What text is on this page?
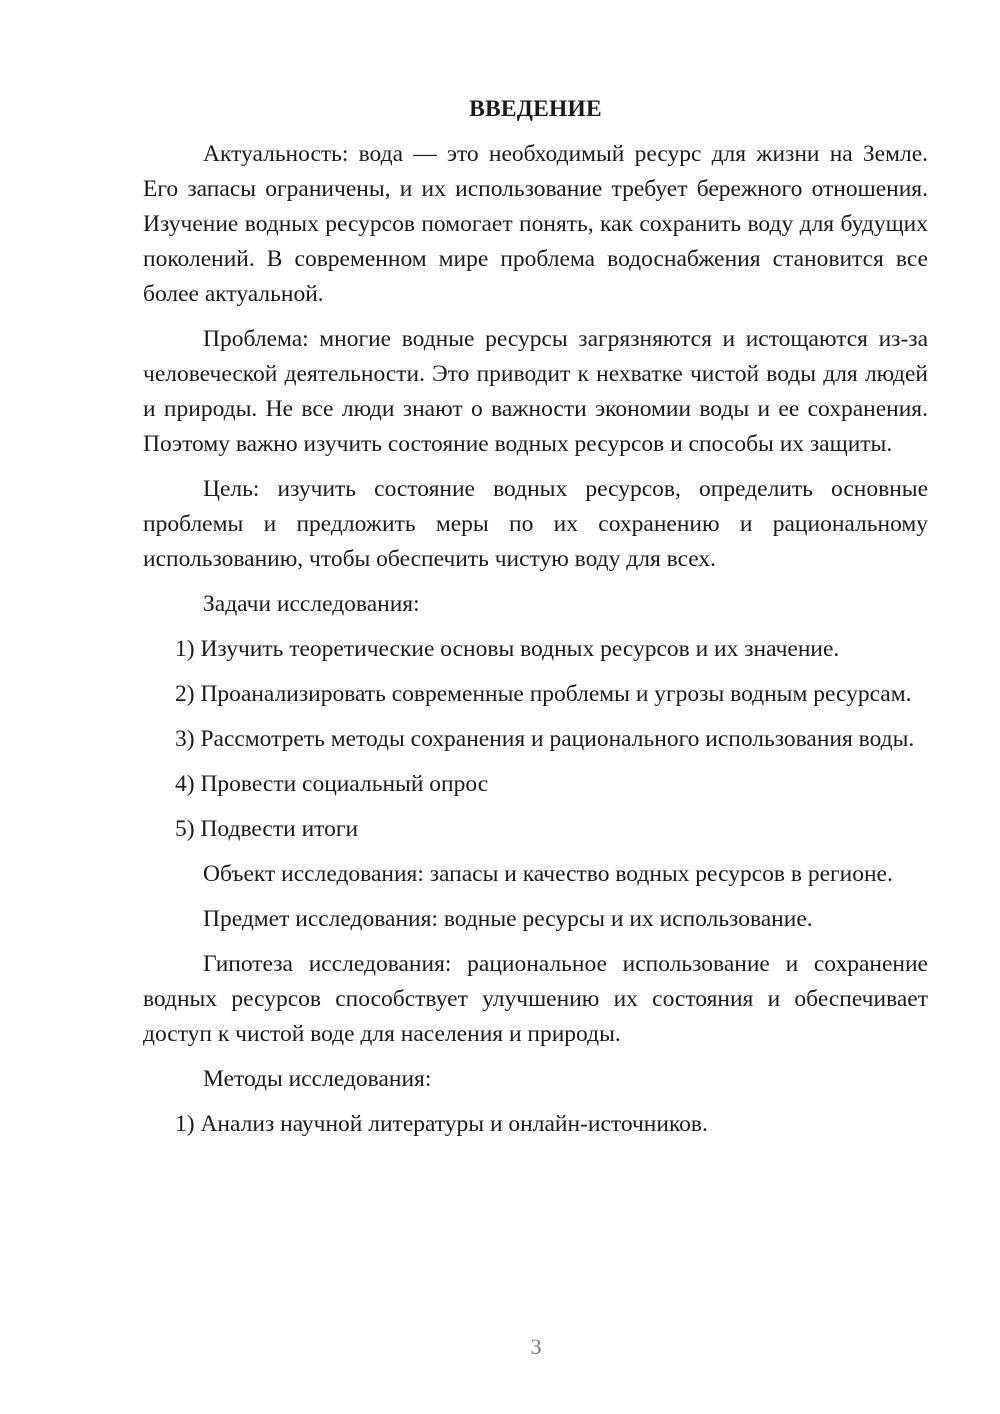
ВВЕДЕНИЕ

Актуальность: вода — это необходимый ресурс для жизни на Земле. Его запасы ограничены, и их использование требует бережного отношения. Изучение водных ресурсов помогает понять, как сохранить воду для будущих поколений. В современном мире проблема водоснабжения становится все более актуальной.

Проблема: многие водные ресурсы загрязняются и истощаются из-за человеческой деятельности. Это приводит к нехватке чистой воды для людей и природы. Не все люди знают о важности экономии воды и ее сохранения. Поэтому важно изучить состояние водных ресурсов и способы их защиты.

Цель: изучить состояние водных ресурсов, определить основные проблемы и предложить меры по их сохранению и рациональному использованию, чтобы обеспечить чистую воду для всех.

Задачи исследования:

1) Изучить теоретические основы водных ресурсов и их значение.

2) Проанализировать современные проблемы и угрозы водным ресурсам.

3) Рассмотреть методы сохранения и рационального использования воды.

4) Провести социальный опрос

5) Подвести итоги

Объект исследования: запасы и качество водных ресурсов в регионе.

Предмет исследования: водные ресурсы и их использование.

Гипотеза исследования: рациональное использование и сохранение водных ресурсов способствует улучшению их состояния и обеспечивает доступ к чистой воде для населения и природы.

Методы исследования:

1) Анализ научной литературы и онлайн-источников.

3
